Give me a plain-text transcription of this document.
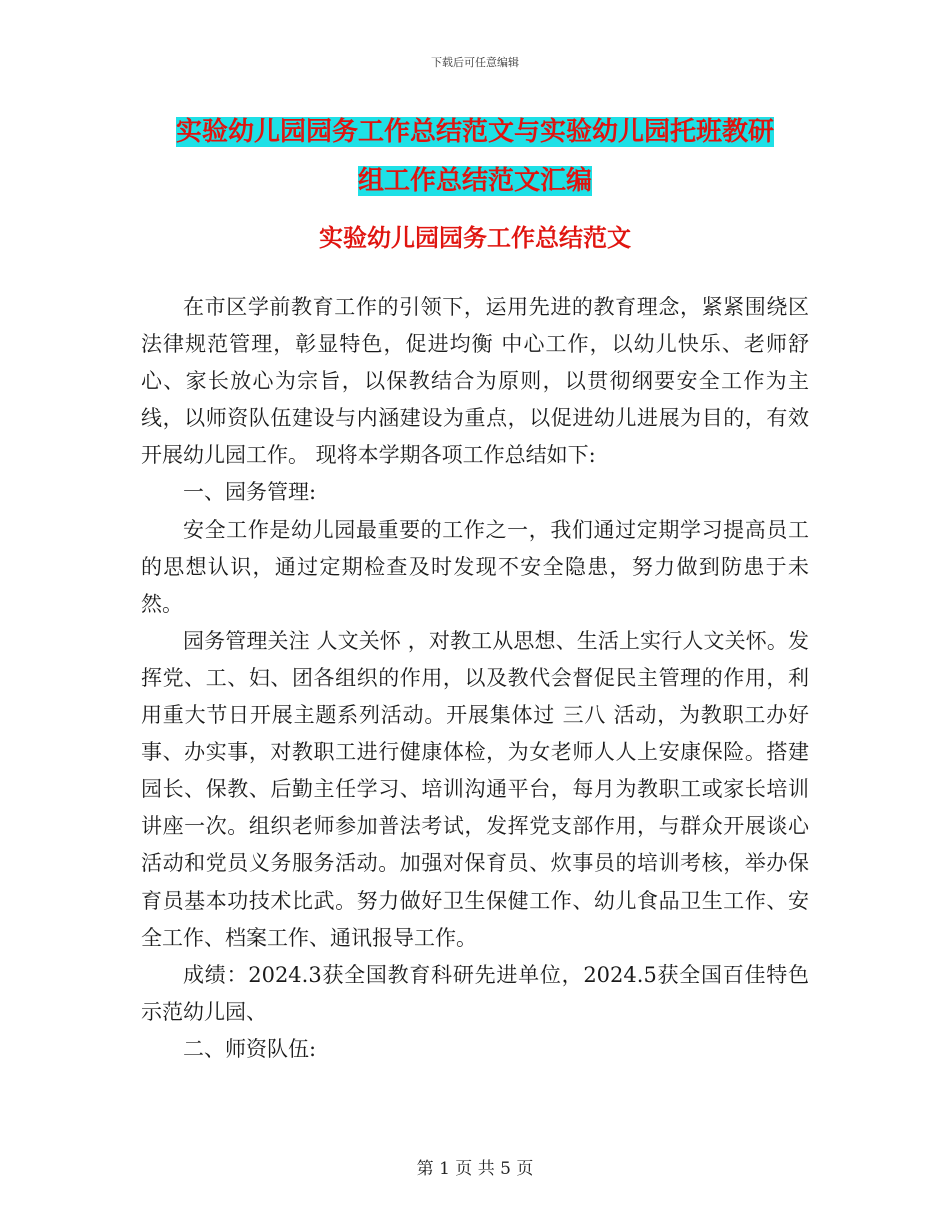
下载后可任意编辑
实验幼儿园园务工作总结范文与实验幼儿园托班教研
组工作总结范文汇编
实验幼儿园园务工作总结范文

在市区学前教育工作的引领下，运用先进的教育理念，紧紧围绕区 法律规范管理，彰显特色，促进均衡 中心工作，以幼儿快乐、老师舒心、家长放心为宗旨，以保教结合为原则，以贯彻纲要安全工作为主线，以师资队伍建设与内涵建设为重点，以促进幼儿进展为目的，有效开展幼儿园工作。 现将本学期各项工作总结如下:

一、园务管理:

安全工作是幼儿园最重要的工作之一，我们通过定期学习提高员工的思想认识，通过定期检查及时发现不安全隐患，努力做到防患于未然。

园务管理关注 人文关怀 ，对教工从思想、生活上实行人文关怀。发挥党、工、妇、团各组织的作用，以及教代会督促民主管理的作用，利用重大节日开展主题系列活动。开展集体过 三八 活动，为教职工办好事、办实事，对教职工进行健康体检，为女老师人人上安康保险。搭建园长、保教、后勤主任学习、培训沟通平台，每月为教职工或家长培训讲座一次。组织老师参加普法考试，发挥党支部作用，与群众开展谈心活动和党员义务服务活动。加强对保育员、炊事员的培训考核，举办保育员基本功技术比武。努力做好卫生保健工作、幼儿食品卫生工作、安全工作、档案工作、通讯报导工作。

成绩：2024.3获全国教育科研先进单位，2024.5获全国百佳特色示范幼儿园、

二、师资队伍:

第 1 页 共 5 页
